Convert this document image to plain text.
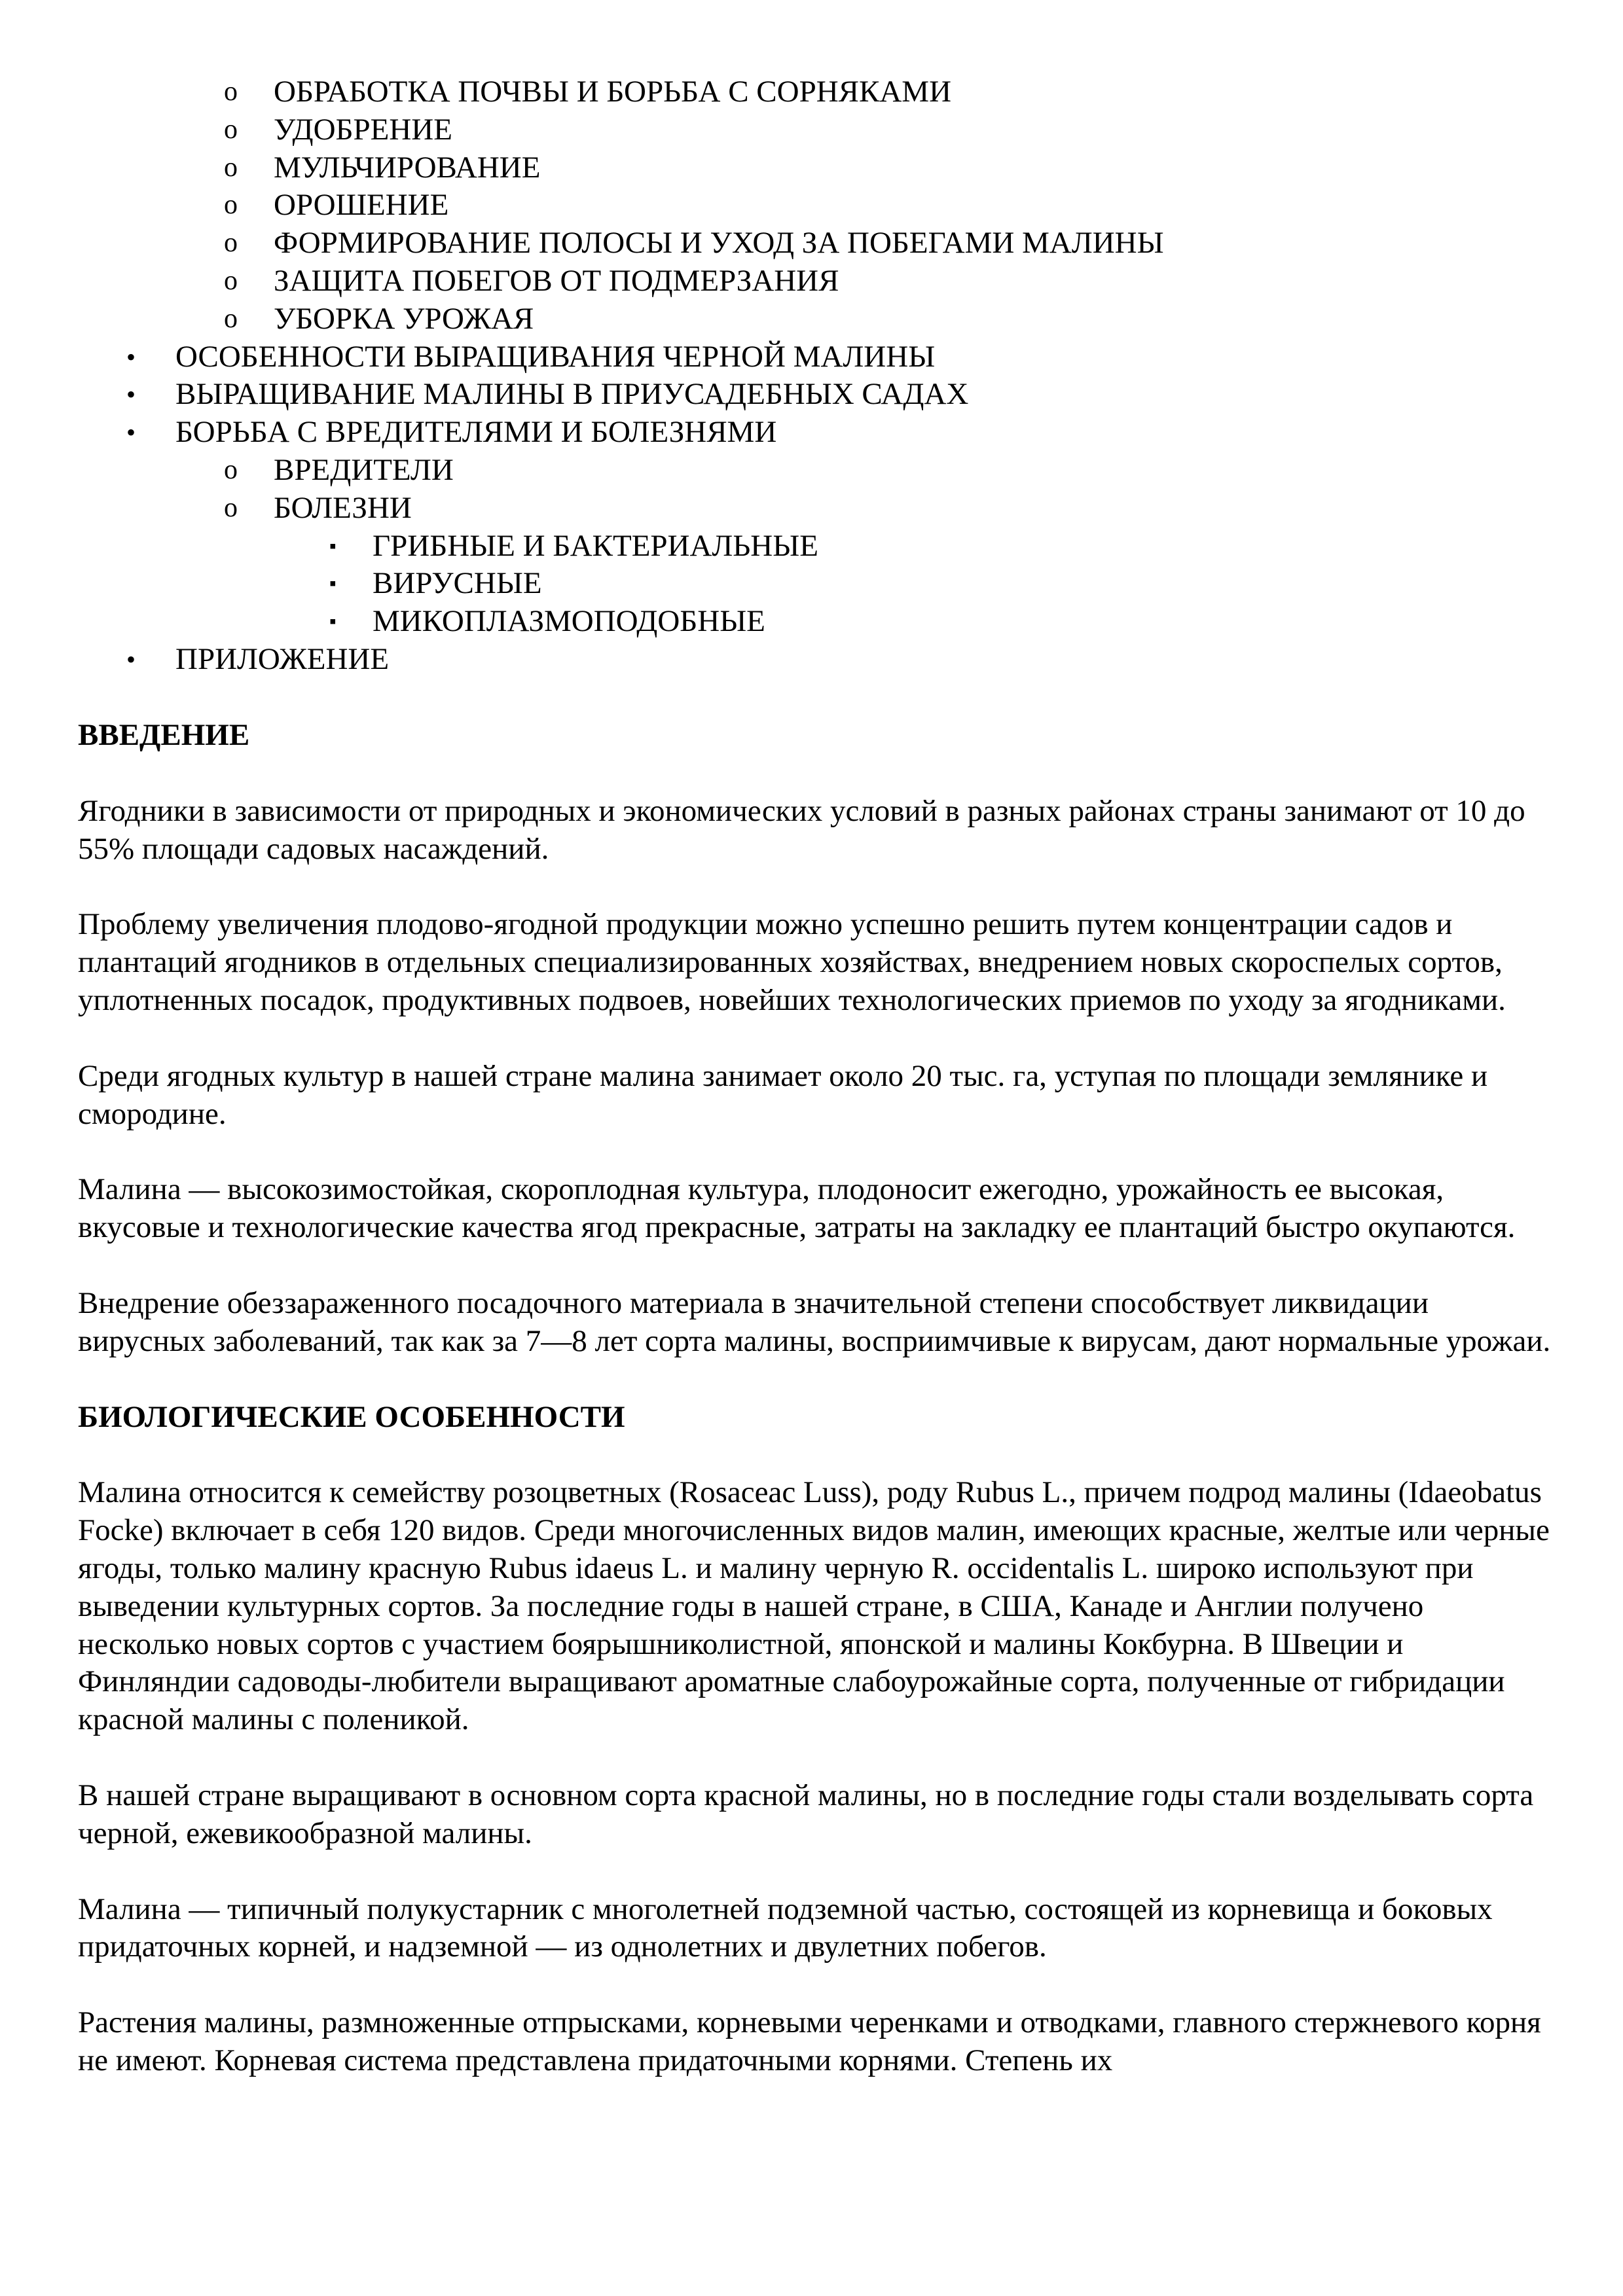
o ОБРАБОТКА ПОЧВЫ И БОРЬБА С СОРНЯКАМИ
o УДОБРЕНИЕ
o МУЛЬЧИРОВАНИЕ
o ОРОШЕНИЕ
o ФОРМИРОВАНИЕ ПОЛОСЫ И УХОД ЗА ПОБЕГАМИ МАЛИНЫ
o ЗАЩИТА ПОБЕГОВ ОТ ПОДМЕРЗАНИЯ
o УБОРКА УРОЖАЯ
• ОСОБЕННОСТИ ВЫРАЩИВАНИЯ ЧЕРНОЙ МАЛИНЫ
• ВЫРАЩИВАНИЕ МАЛИНЫ В ПРИУСАДЕБНЫХ САДАХ
• БОРЬБА С ВРЕДИТЕЛЯМИ И БОЛЕЗНЯМИ
o ВРЕДИТЕЛИ
o БОЛЕЗНИ
▪ ГРИБНЫЕ И БАКТЕРИАЛЬНЫЕ
▪ ВИРУСНЫЕ
▪ МИКОПЛАЗМОПОДОБНЫЕ
• ПРИЛОЖЕНИЕ
ВВЕДЕНИЕ

Ягодники в зависимости от природных и экономических условий в разных районах страны занимают от 10 до 55% площади садовых насаждений.

Проблему увеличения плодово-ягодной продукции можно успешно решить путем концентрации садов и плантаций ягодников в отдельных специализированных хозяйствах, внедрением новых скороспелых сортов, уплотненных посадок, продуктивных подвоев, новейших технологических приемов по уходу за ягодниками.

Среди ягодных культур в нашей стране малина занимает около 20 тыс. га, уступая по площади землянике и смородине.

Малина — высокозимостойкая, скороплодная культура, плодоносит ежегодно, урожайность ее высокая, вкусовые и технологические качества ягод прекрасные, затраты на закладку ее плантаций быстро окупаются.

Внедрение обеззараженного посадочного материала в значительной степени способствует ликвидации вирусных заболеваний, так как за 7—8 лет сорта малины, восприимчивые к вирусам, дают нормальные урожаи.

БИОЛОГИЧЕСКИЕ ОСОБЕННОСТИ

Малина относится к семейству розоцветных (Rosaceac Luss), роду Rubus L., причем подрод малины (Idaeobatus Focke) включает в себя 120 видов. Среди многочисленных видов малин, имеющих красные, желтые или черные ягоды, только малину красную Rubus idaeus L. и малину черную R. occidentalis L. широко используют при выведении культурных сортов. За последние годы в нашей стране, в США, Канаде и Англии получено несколько новых сортов с участием боярышниколистной, японской и малины Кокбурна. В Швеции и Финляндии садоводы-любители выращивают ароматные слабоурожайные сорта, полученные от гибридации красной малины с поленикой.

В нашей стране выращивают в основном сорта красной малины, но в последние годы стали возделывать сорта черной, ежевикообразной малины.

Малина — типичный полукустарник с многолетней подземной частью, состоящей из корневища и боковых придаточных корней, и надземной — из однолетних и двулетних побегов.

Растения малины, размноженные отпрысками, корневыми черенками и отводками, главного стержневого корня не имеют. Корневая система представлена придаточными корнями. Степень их
